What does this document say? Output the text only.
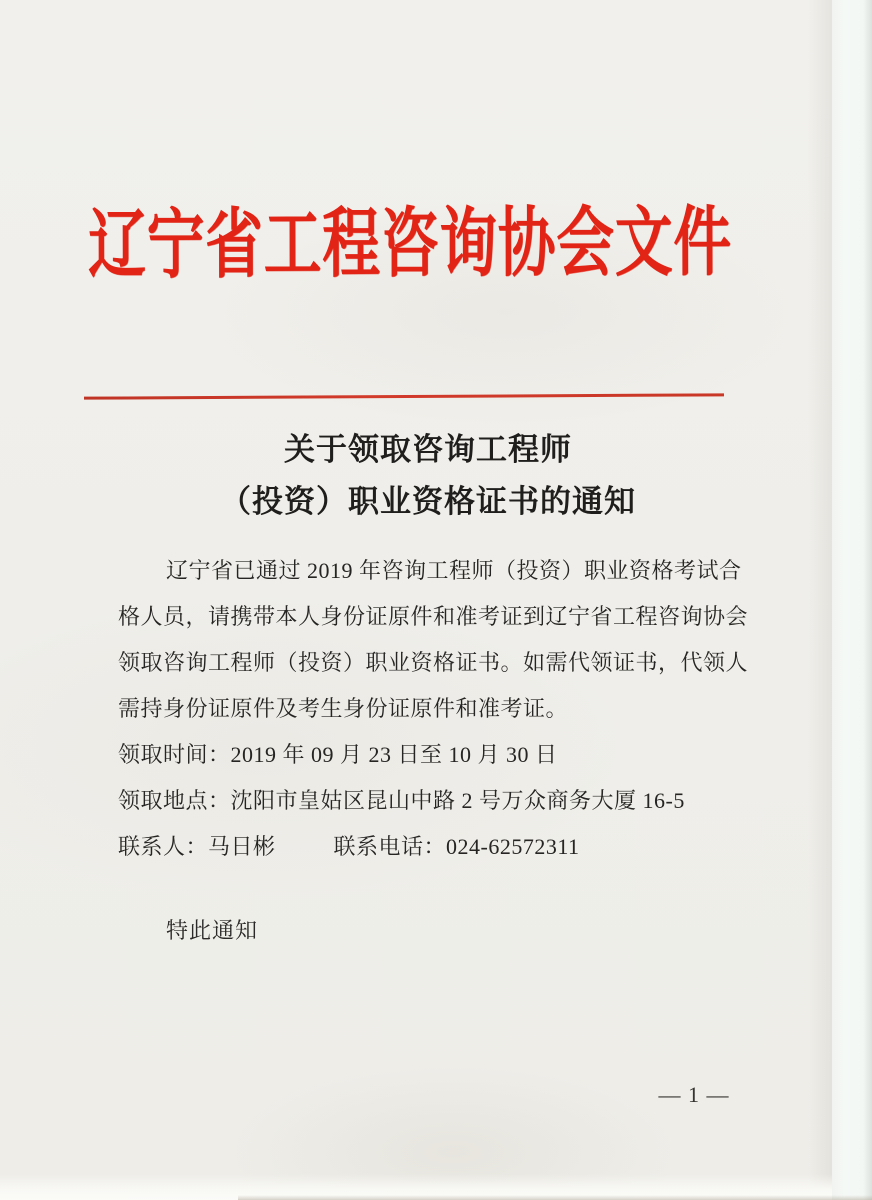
辽宁省工程咨询协会文件
关于领取咨询工程师
（投资）职业资格证书的通知
辽宁省已通过 2019 年咨询工程师（投资）职业资格考试合
格人员，请携带本人身份证原件和准考证到辽宁省工程咨询协会
领取咨询工程师（投资）职业资格证书。如需代领证书，代领人
需持身份证原件及考生身份证原件和准考证。
领取时间：2019 年 09 月 23 日至 10 月 30 日
领取地点：沈阳市皇姑区昆山中路 2 号万众商务大厦 16-5
联系人：马日彬	联系电话：024-62572311
特此通知
— 1 —
